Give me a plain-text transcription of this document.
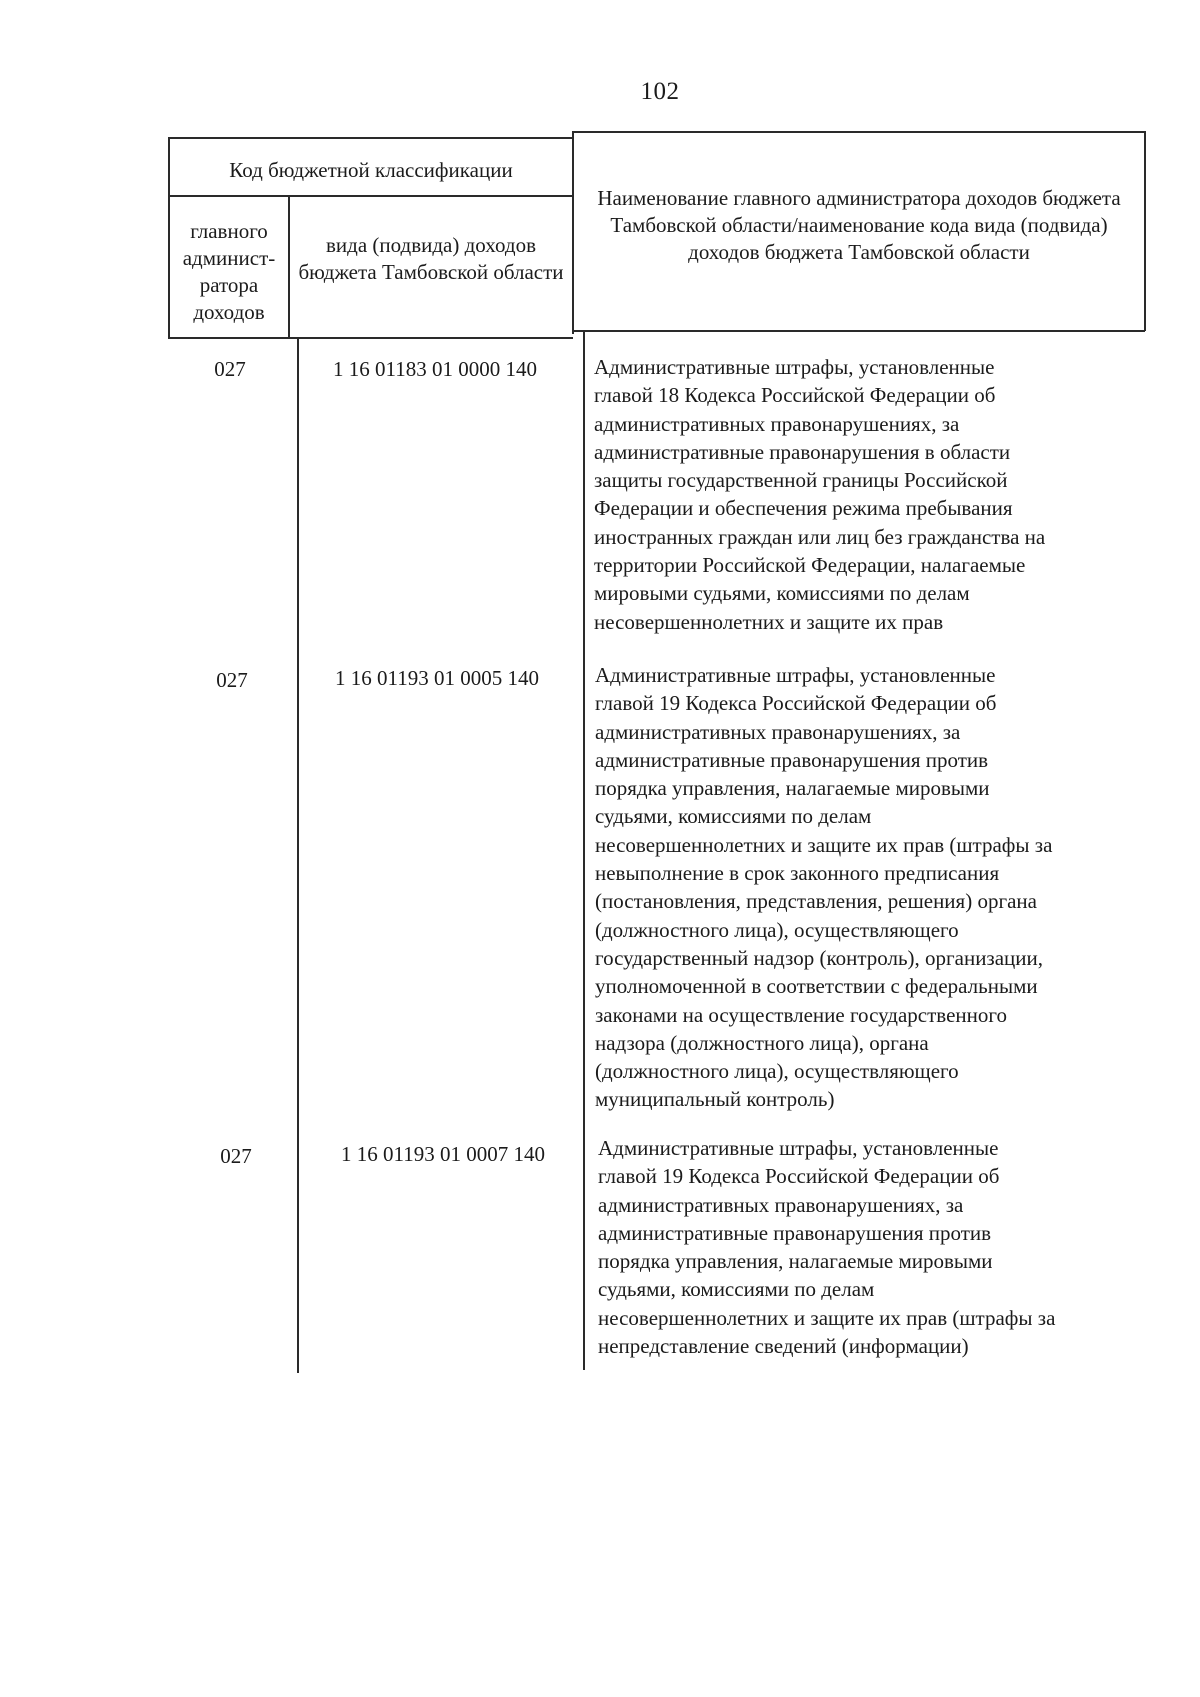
102
Код бюджетной классификации
главного админист-ратора доходов
вида (подвида) доходов бюджета Тамбовской области
Наименование главного администратора доходов бюджета Тамбовской области/наименование кода вида (подвида) доходов бюджета Тамбовской области
027	1 16 01183 01 0000 140	Административные штрафы, установленные
главой 18 Кодекса Российской Федерации об
административных правонарушениях, за
административные правонарушения в области
защиты государственной границы Российской
Федерации и обеспечения режима пребывания
иностранных граждан или лиц без гражданства на
территории Российской Федерации, налагаемые
мировыми судьями, комиссиями по делам
несовершеннолетних и защите их прав
027	1 16 01193 01 0005 140	Административные штрафы, установленные
главой 19 Кодекса Российской Федерации об
административных правонарушениях, за
административные правонарушения против
порядка управления, налагаемые мировыми
судьями, комиссиями по делам
несовершеннолетних и защите их прав (штрафы за
невыполнение в срок законного предписания
(постановления, представления, решения) органа
(должностного лица), осуществляющего
государственный надзор (контроль), организации,
уполномоченной в соответствии с федеральными
законами на осуществление государственного
надзора (должностного лица), органа
(должностного лица), осуществляющего
муниципальный контроль)
027	1 16 01193 01 0007 140	Административные штрафы, установленные
главой 19 Кодекса Российской Федерации об
административных правонарушениях, за
административные правонарушения против
порядка управления, налагаемые мировыми
судьями, комиссиями по делам
несовершеннолетних и защите их прав (штрафы за
непредставление сведений (информации)
